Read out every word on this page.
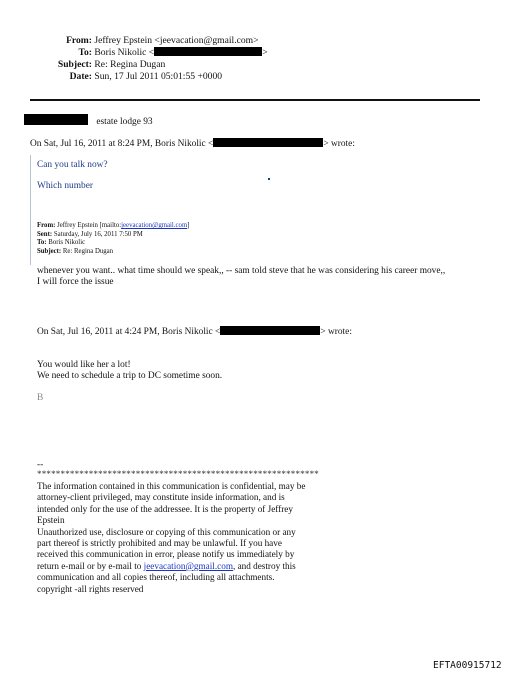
From: Jeffrey Epstein <jeevacation@gmail.com>
To: Boris Nikolic <	>
Subject: Re: Regina Dugan
Date: Sun, 17 Jul 2011 05:01:55 +0000
estate lodge 93
On Sat, Jul 16, 2011 at 8:24 PM, Boris Nikolic <	> wrote:
Can you talk now?
Which number
From: Jeffrey Epstein [mailto:jeevacation@gmail.com]
Sent: Saturday, July 16, 2011 7:50 PM
To: Boris Nikolic
Subject: Re: Regina Dugan
whenever you want.. what time should we speak,, -- sam told steve that he was considering his career move,,
I will force the issue
On Sat, Jul 16, 2011 at 4:24 PM, Boris Nikolic <	> wrote:
You would like her a lot!
We need to schedule a trip to DC sometime soon.
B
--
************************************************************
The information contained in this communication is confidential, may be attorney-client privileged, may constitute inside information, and is intended only for the use of the addressee. It is the property of Jeffrey Epstein
Unauthorized use, disclosure or copying of this communication or any part thereof is strictly prohibited and may be unlawful. If you have received this communication in error, please notify us immediately by return e-mail or by e-mail to jeevacation@gmail.com, and destroy this communication and all copies thereof, including all attachments. copyright -all rights reserved
EFTA00915712
